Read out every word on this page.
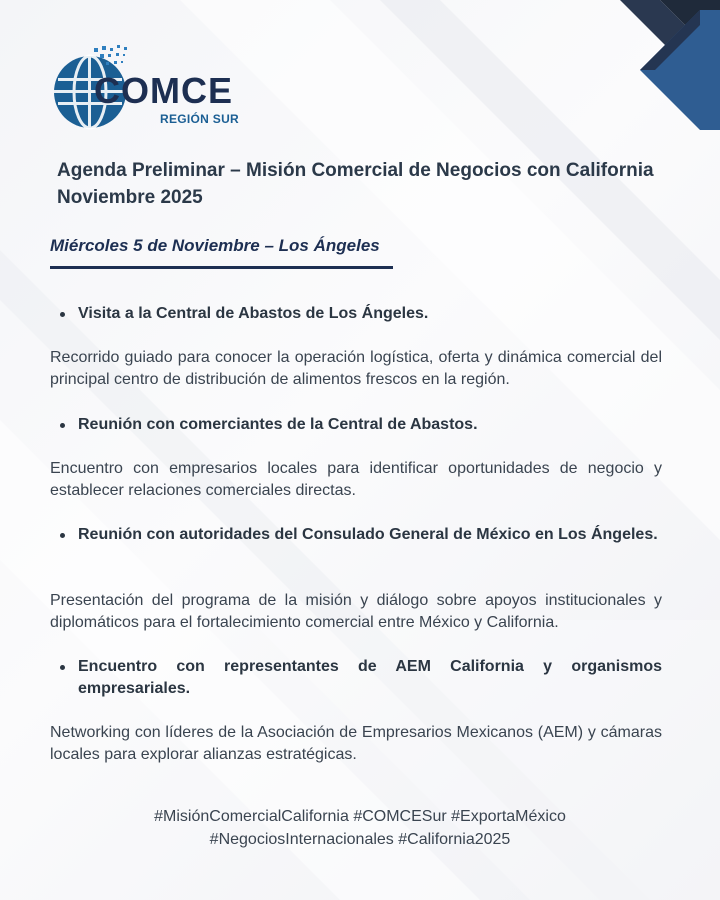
COMCE
REGIÓN SUR
Agenda Preliminar – Misión Comercial de Negocios con California
Noviembre 2025
Miércoles 5 de Noviembre – Los Ángeles
Visita a la Central de Abastos de Los Ángeles.
Recorrido guiado para conocer la operación logística, oferta y dinámica comercial del principal centro de distribución de alimentos frescos en la región.
Reunión con comerciantes de la Central de Abastos.
Encuentro con empresarios locales para identificar oportunidades de negocio y establecer relaciones comerciales directas.
Reunión con autoridades del Consulado General de México en Los Ángeles.
Presentación del programa de la misión y diálogo sobre apoyos institucionales y diplomáticos para el fortalecimiento comercial entre México y California.
Encuentro con representantes de AEM California y organismos empresariales.
Networking con líderes de la Asociación de Empresarios Mexicanos (AEM) y cámaras locales para explorar alianzas estratégicas.
#MisiónComercialCalifornia #COMCESur #ExportaMéxico
#NegociosInternacionales #California2025
